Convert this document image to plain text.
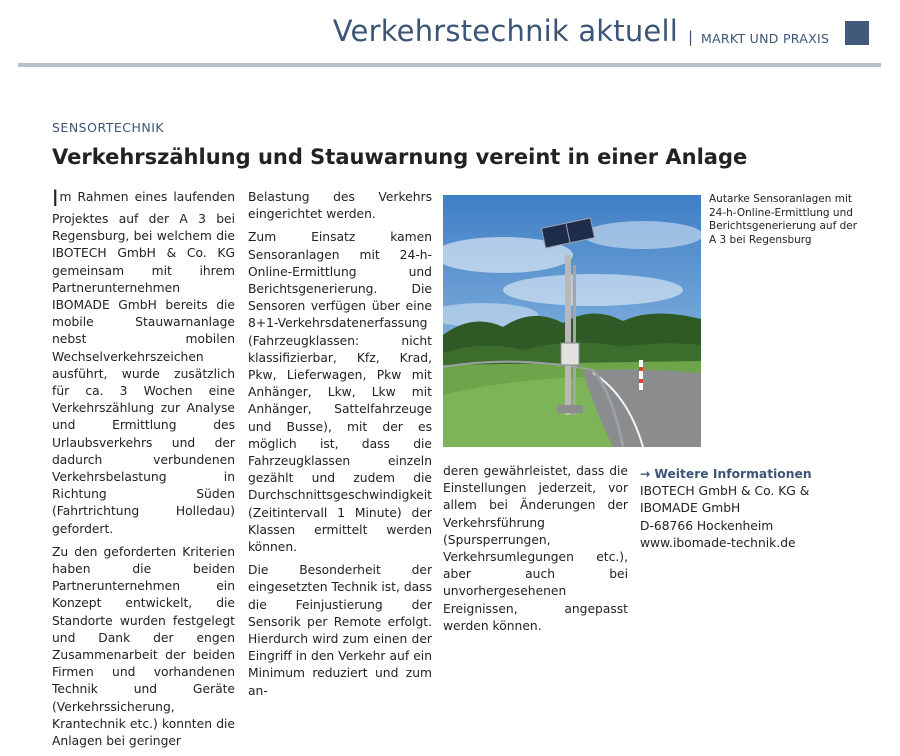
Verkehrstechnik aktuell | MARKT UND PRAXIS
SENSORTECHNIK
Verkehrszählung und Stauwarnung vereint in einer Anlage

Im Rahmen eines laufenden Projektes auf der A 3 bei Regensburg, bei welchem die IBOTECH GmbH & Co. KG gemeinsam mit ihrem Partnerunternehmen IBOMADE GmbH bereits die mobile Stauwarnanlage nebst mobilen Wechselverkehrszeichen ausführt, wurde zusätzlich für ca. 3 Wochen eine Verkehrszählung zur Analyse und Ermittlung des Urlaubsverkehrs und der dadurch verbundenen Verkehrsbelastung in Richtung Süden (Fahrtrichtung Holledau) gefordert.

Zu den geforderten Kriterien haben die beiden Partnerunternehmen ein Konzept entwickelt, die Standorte wurden festgelegt und Dank der engen Zusammenarbeit der beiden Firmen und vorhandenen Technik und Geräte (Verkehrssicherung, Krantechnik etc.) konnten die Anlagen bei geringer

Belastung des Verkehrs eingerichtet werden.

Zum Einsatz kamen Sensoranlagen mit 24-h-Online-Ermittlung und Berichtsgenerierung. Die Sensoren verfügen über eine 8+1-Verkehrsdatenerfassung (Fahrzeugklassen: nicht klassifizierbar, Kfz, Krad, Pkw, Lieferwagen, Pkw mit Anhänger, Lkw, Lkw mit Anhänger, Sattelfahrzeuge und Busse), mit der es möglich ist, dass die Fahrzeugklassen einzeln gezählt und zudem die Durchschnittsgeschwindigkeit (Zeitintervall 1 Minute) der Klassen ermittelt werden können.

Die Besonderheit der eingesetzten Technik ist, dass die Feinjustierung der Sensorik per Remote erfolgt. Hierdurch wird zum einen der Eingriff in den Verkehr auf ein Minimum reduziert und zum an-

Autarke Sensoranlagen mit 24-h-Online-Ermittlung und Berichtsgenerierung auf der A 3 bei Regensburg

deren gewährleistet, dass die Einstellungen jederzeit, vor allem bei Änderungen der Verkehrsführung (Spursperrungen, Verkehrsumlegungen etc.), aber auch bei unvorhergesehenen Ereignissen, angepasst werden können.

→ Weitere Informationen
IBOTECH GmbH & Co. KG &
IBOMADE GmbH
D-68766 Hockenheim
www.ibomade-technik.de
